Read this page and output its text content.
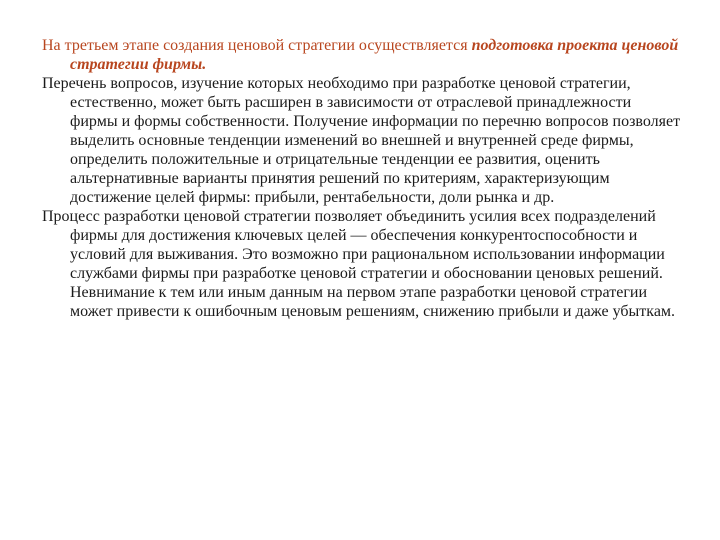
На третьем этапе создания ценовой стратегии осуществляется подготовка проекта ценовой стратегии фирмы.

Перечень вопросов, изучение которых необходимо при разработке ценовой стратегии, естественно, может быть расширен в зависимости от отраслевой принадлежности фирмы и формы собственности. Получение информации по перечню вопросов позволяет выделить основные тенденции изменений во внешней и внутренней среде фирмы, определить положительные и отрицательные тенденции ее развития, оценить альтернативные варианты принятия решений по критериям, характеризующим достижение целей фирмы: прибыли, рентабельности, доли рынка и др.

Процесс разработки ценовой стратегии позволяет объединить усилия всех подразделений фирмы для достижения ключевых целей — обеспечения конкурентоспособности и условий для выживания. Это возможно при рациональном использовании информации службами фирмы при разработке ценовой стратегии и обосновании ценовых решений. Невнимание к тем или иным данным на первом этапе разработки ценовой стратегии может привести к ошибочным ценовым решениям, снижению прибыли и даже убыткам.
